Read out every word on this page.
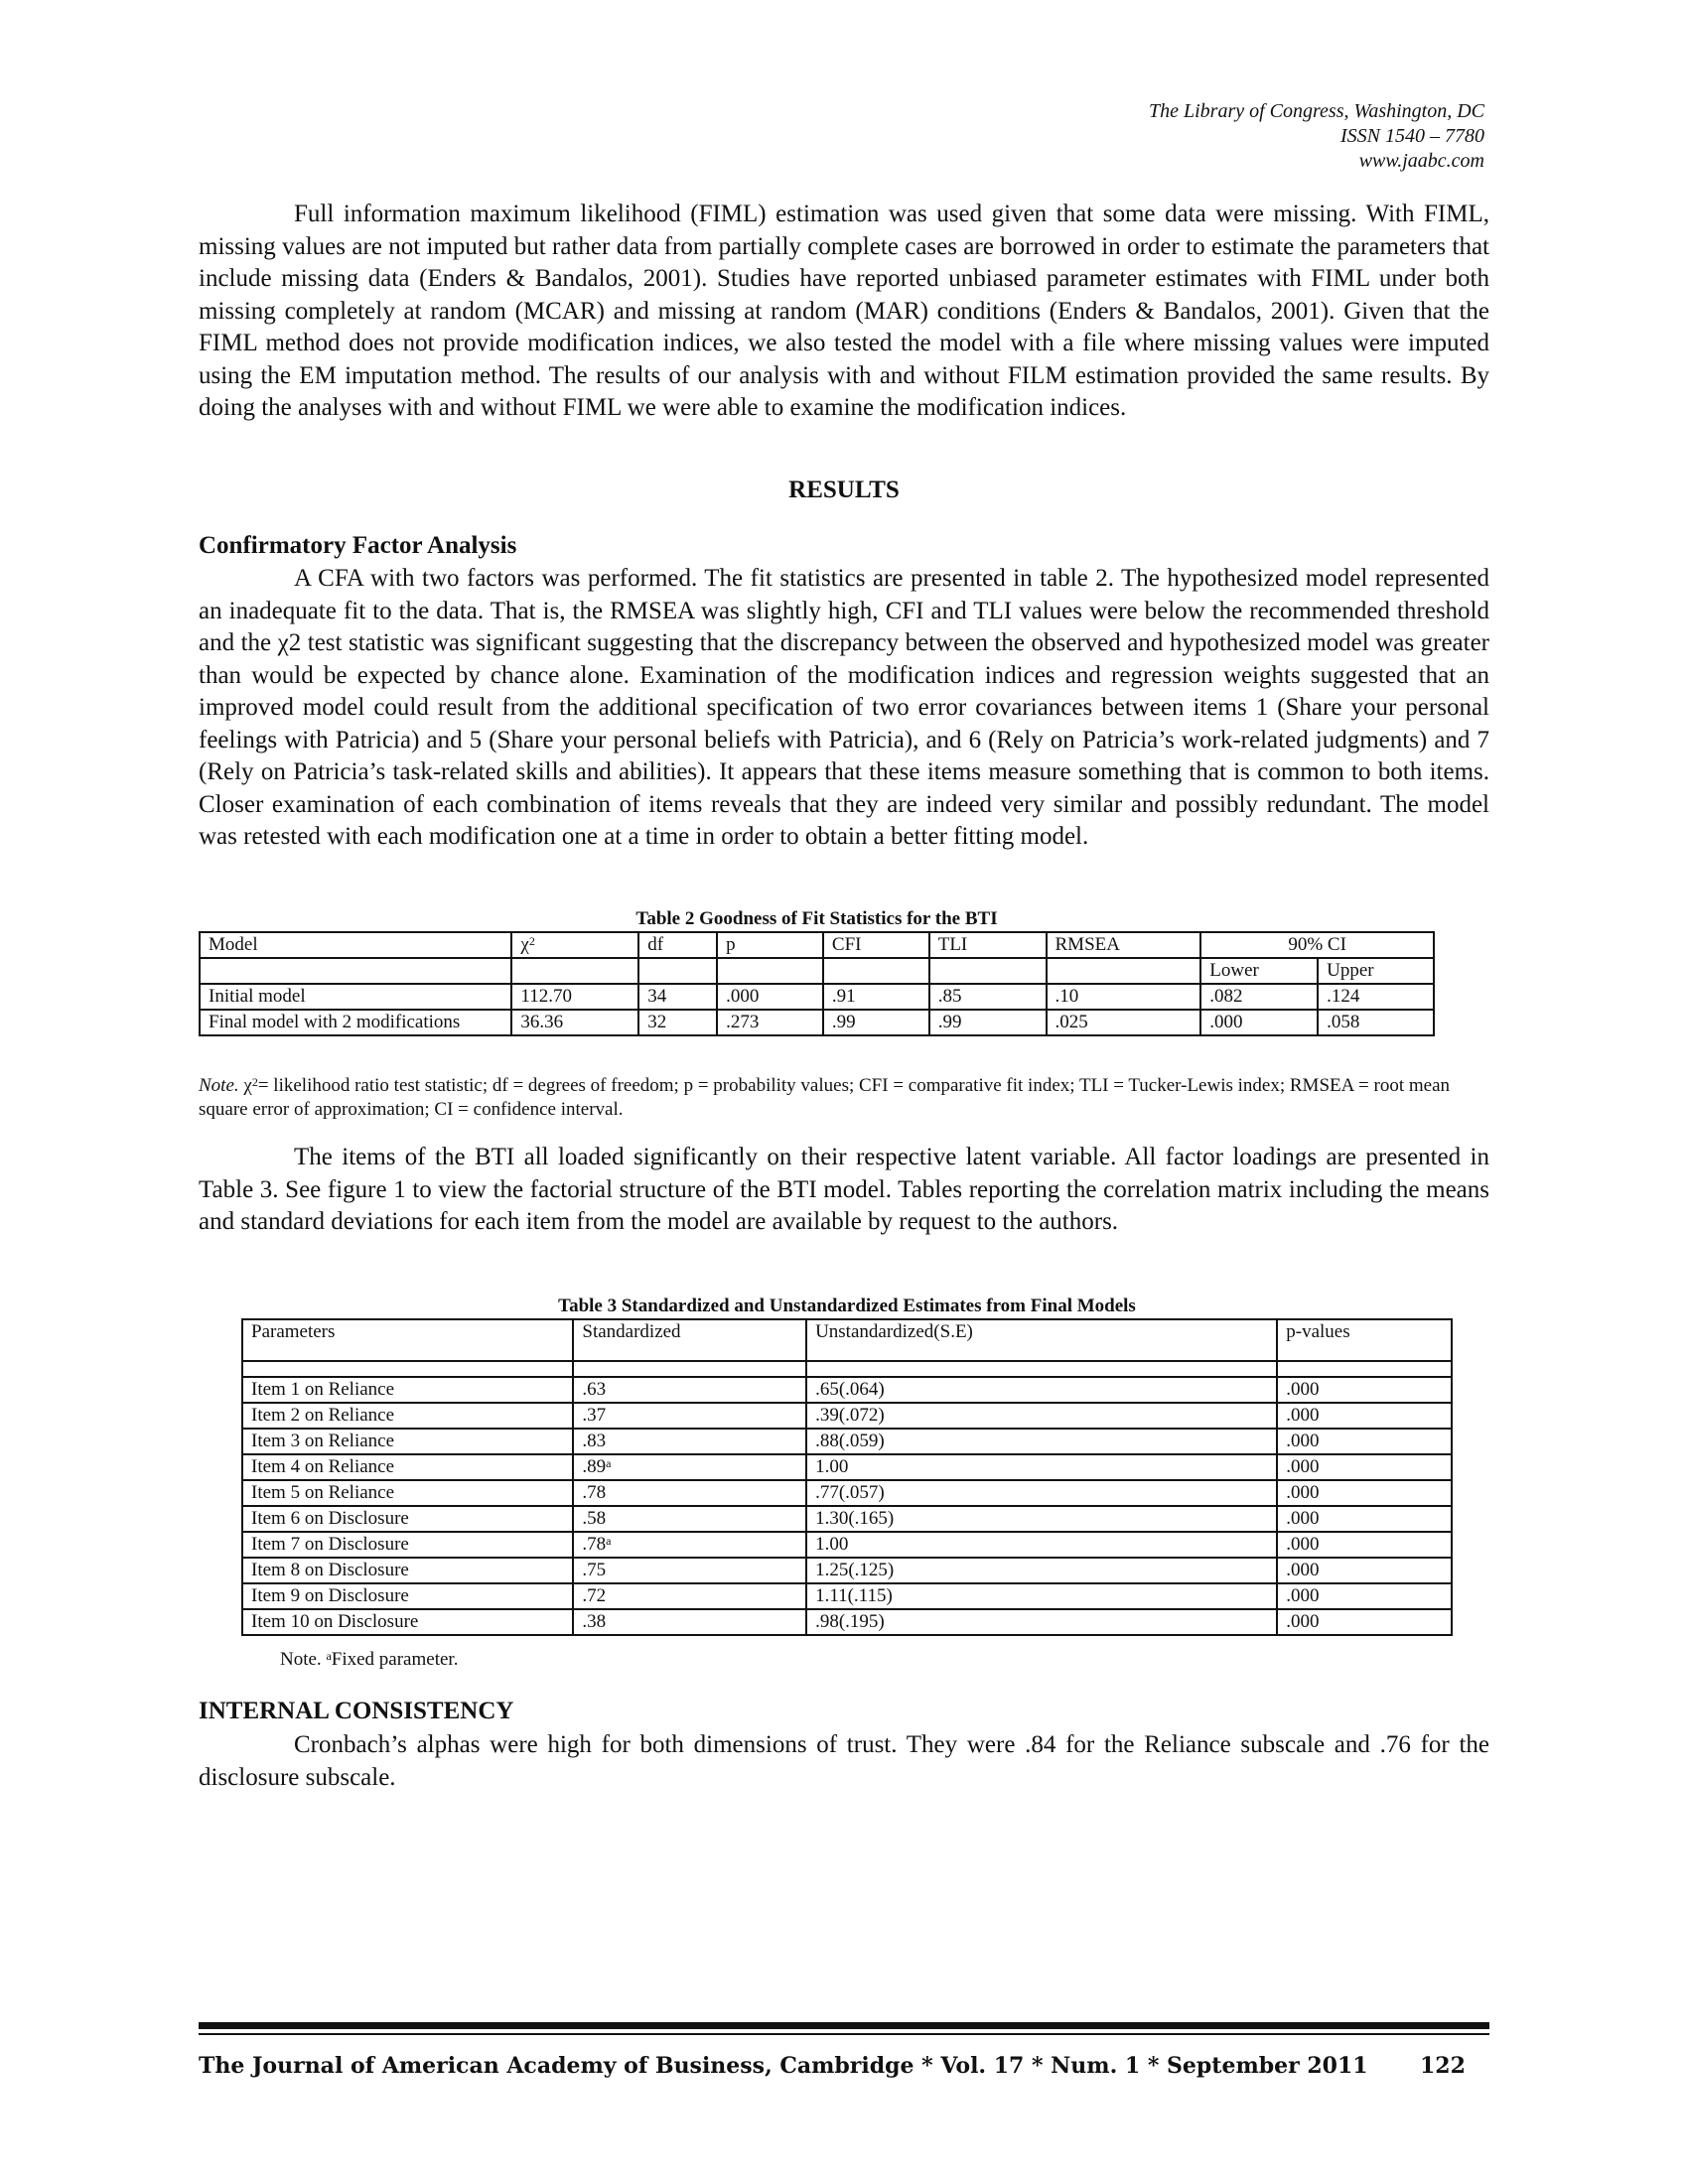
The Library of Congress, Washington, DC
ISSN 1540 – 7780
www.jaabc.com

Full information maximum likelihood (FIML) estimation was used given that some data were missing. With FIML, missing values are not imputed but rather data from partially complete cases are borrowed in order to estimate the parameters that include missing data (Enders & Bandalos, 2001). Studies have reported unbiased parameter estimates with FIML under both missing completely at random (MCAR) and missing at random (MAR) conditions (Enders & Bandalos, 2001). Given that the FIML method does not provide modification indices, we also tested the model with a file where missing values were imputed using the EM imputation method. The results of our analysis with and without FILM estimation provided the same results. By doing the analyses with and without FIML we were able to examine the modification indices.

RESULTS
Confirmatory Factor Analysis

A CFA with two factors was performed. The fit statistics are presented in table 2. The hypothesized model represented an inadequate fit to the data. That is, the RMSEA was slightly high, CFI and TLI values were below the recommended threshold and the χ2 test statistic was significant suggesting that the discrepancy between the observed and hypothesized model was greater than would be expected by chance alone. Examination of the modification indices and regression weights suggested that an improved model could result from the additional specification of two error covariances between items 1 (Share your personal feelings with Patricia) and 5 (Share your personal beliefs with Patricia), and 6 (Rely on Patricia’s work-related judgments) and 7 (Rely on Patricia’s task-related skills and abilities). It appears that these items measure something that is common to both items. Closer examination of each combination of items reveals that they are indeed very similar and possibly redundant. The model was retested with each modification one at a time in order to obtain a better fitting model.

Table 2 Goodness of Fit Statistics for the BTI
Model	$\chi^2$	df	p	CFI	TLI	RMSEA	90% CI	
							Lower	Upper
Initial model	112.70	34	.000	.91	.85	.10	.082	.124
Final model with 2 modifications	36.36	32	.273	.99	.99	.025	.000	.058
Note. $\chi^2=$ likelihood ratio test statistic; df = degrees of freedom; p = probability values; CFI = comparative fit index; TLI = Tucker-Lewis index; RMSEA = root mean square error of approximation; CI = confidence interval.

The items of the BTI all loaded significantly on their respective latent variable. All factor loadings are presented in Table 3. See figure 1 to view the factorial structure of the BTI model. Tables reporting the correlation matrix including the means and standard deviations for each item from the model are available by request to the authors.

Table 3 Standardized and Unstandardized Estimates from Final Models
Parameters	Standardized	Unstandardized(S.E)	p-values

Item 1 on Reliance	.63	.65(.064)	.000
Item 2 on Reliance	.37	.39(.072)	.000
Item 3 on Reliance	.83	.88(.059)	.000
Item 4 on Reliance	.89$^a$	1.00	.000
Item 5 on Reliance	.78	.77(.057)	.000
Item 6 on Disclosure	.58	1.30(.165)	.000
Item 7 on Disclosure	.78$^a$	1.00	.000
Item 8 on Disclosure	.75	1.25(.125)	.000
Item 9 on Disclosure	.72	1.11(.115)	.000
Item 10 on Disclosure	.38	.98(.195)	.000
Note. $^a$Fixed parameter.
INTERNAL CONSISTENCY

Cronbach’s alphas were high for both dimensions of trust. They were .84 for the Reliance subscale and .76 for the disclosure subscale.

The Journal of American Academy of Business, Cambridge * Vol. 17 * Num. 1 * September 2011 122
